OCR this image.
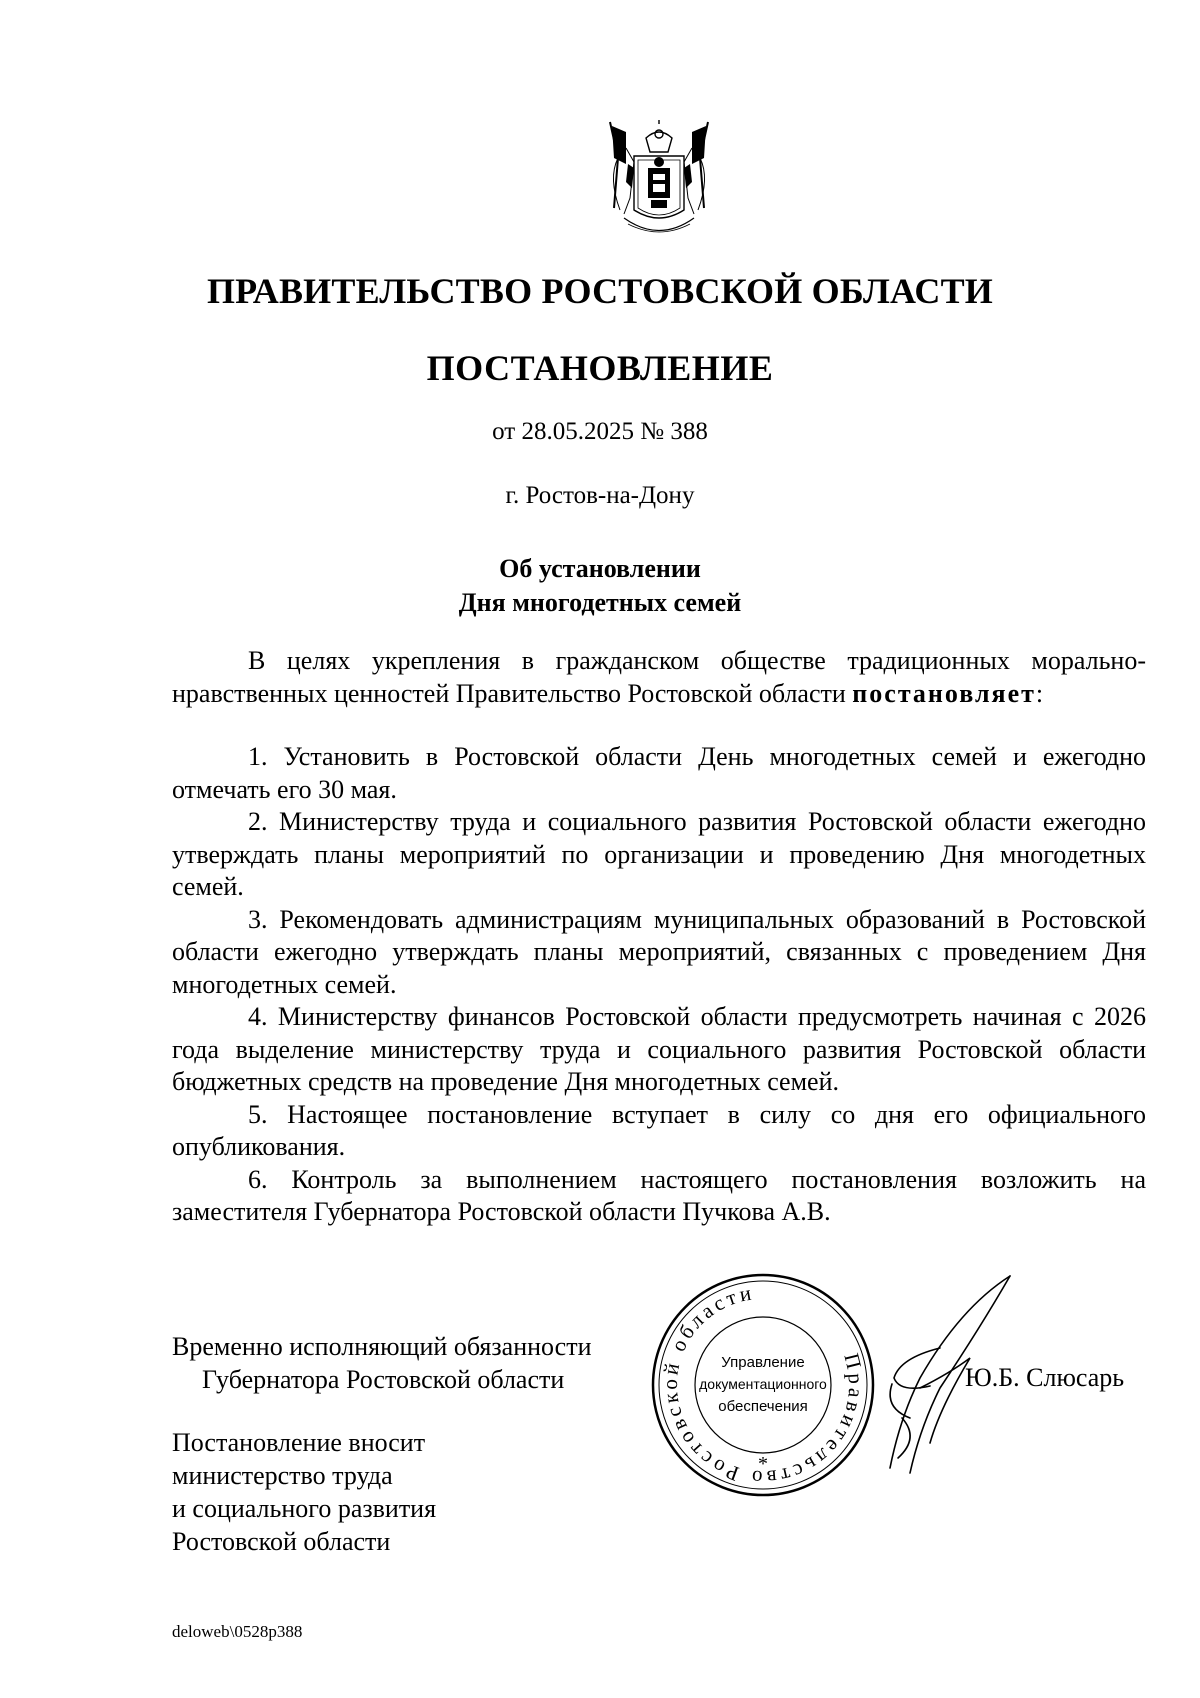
ПРАВИТЕЛЬСТВО РОСТОВСКОЙ ОБЛАСТИ
ПОСТАНОВЛЕНИЕ
от 28.05.2025 № 388
г. Ростов-на-Дону
Об установлении
Дня многодетных семей
В целях укрепления в гражданском обществе традиционных морально-нравственных ценностей Правительство Ростовской области постановляет:

1. Установить в Ростовской области День многодетных семей и ежегодно отмечать его 30 мая.

2. Министерству труда и социального развития Ростовской области ежегодно утверждать планы мероприятий по организации и проведению Дня многодетных семей.

3. Рекомендовать администрациям муниципальных образований в Ростовской области ежегодно утверждать планы мероприятий, связанных с проведением Дня многодетных семей.

4. Министерству финансов Ростовской области предусмотреть начиная с 2026 года выделение министерству труда и социального развития Ростовской области бюджетных средств на проведение Дня многодетных семей.

5. Настоящее постановление вступает в силу со дня его официального опубликования.

6. Контроль за выполнением настоящего постановления возложить на заместителя Губернатора Ростовской области Пучкова А.В.

Временно исполняющий обязанности
Губернатора Ростовской области
Правительство Ростовской области
Управление
документационного
обеспечения
*
Ю.Б. Слюсарь
Постановление вносит
министерство труда
и социального развития
Ростовской области
deloweb\0528p388
